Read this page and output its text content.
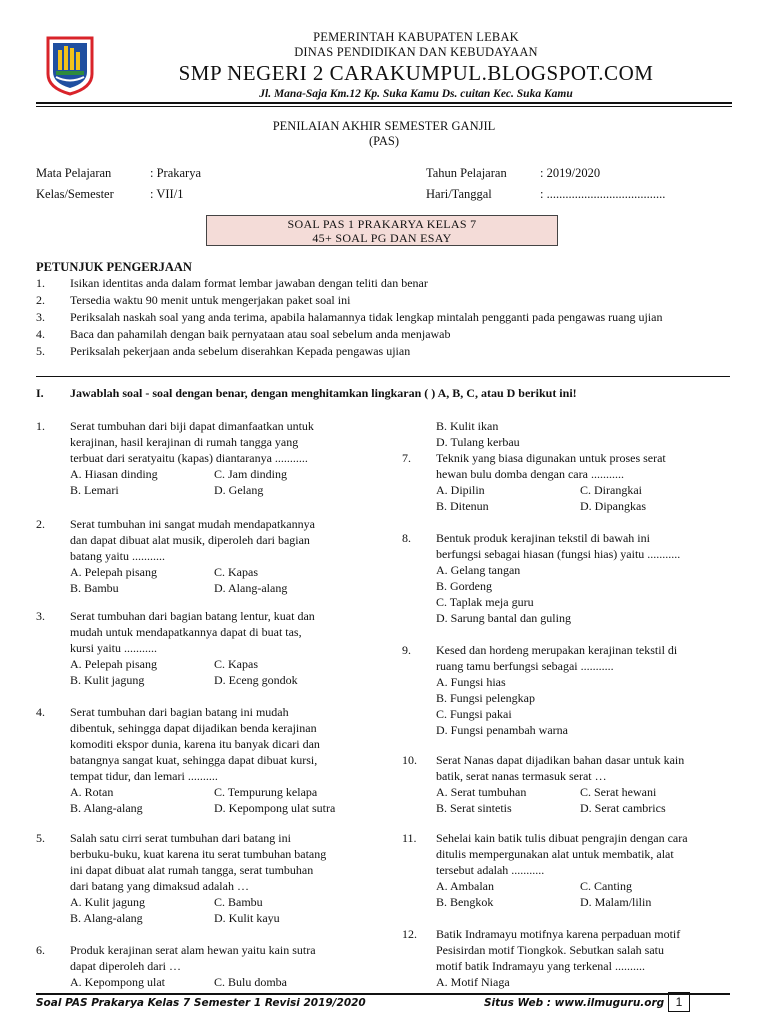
PEMERINTAH KABUPATEN LEBAK
DINAS PENDIDIKAN DAN KEBUDAYAAN
SMP NEGERI 2 CARAKUMPUL.BLOGSPOT.COM
Jl. Mana-Saja Km.12 Kp. Suka Kamu Ds. cuitan Kec. Suka Kamu
PENILAIAN AKHIR SEMESTER GANJIL
(PAS)
Mata Pelajaran	: Prakarya
Kelas/Semester	: VII/1
Tahun Pelajaran	: 2019/2020
Hari/Tanggal	: ......................................
SOAL PAS 1 PRAKARYA KELAS 7
45+ SOAL PG DAN ESAY
PETUNJUK PENGERJAAN
1. Isikan identitas anda dalam format lembar jawaban dengan teliti dan benar
2. Tersedia waktu 90 menit untuk mengerjakan paket soal ini
3. Periksalah naskah soal yang anda terima, apabila halamannya tidak lengkap mintalah pengganti pada pengawas ruang ujian
4. Baca dan pahamilah dengan baik pernyataan atau soal sebelum anda menjawab
5. Periksalah pekerjaan anda sebelum diserahkan Kepada pengawas ujian
I. Jawablah soal - soal dengan benar, dengan menghitamkan lingkaran ( ) A, B, C, atau D berikut ini!
1. Serat tumbuhan dari biji dapat dimanfaatkan untuk
kerajinan, hasil kerajinan di rumah tangga yang
terbuat dari seratyaitu (kapas) diantaranya ...........
A. Hiasan dinding	C. Jam dinding
B. Lemari	D. Gelang
2. Serat tumbuhan ini sangat mudah mendapatkannya
dan dapat dibuat alat musik, diperoleh dari bagian
batang yaitu ...........
A. Pelepah pisang	C. Kapas
B. Bambu	D. Alang-alang
3. Serat tumbuhan dari bagian batang lentur, kuat dan
mudah untuk mendapatkannya dapat di buat tas,
kursi yaitu ...........
A. Pelepah pisang	C. Kapas
B. Kulit jagung	D. Eceng gondok
4. Serat tumbuhan dari bagian batang ini mudah
dibentuk, sehingga dapat dijadikan benda kerajinan
komoditi ekspor dunia, karena itu banyak dicari dan
batangnya sangat kuat, sehingga dapat dibuat kursi,
tempat tidur, dan lemari ..........
A. Rotan	C. Tempurung kelapa
B. Alang-alang	D. Kepompong ulat sutra
5. Salah satu cirri serat tumbuhan dari batang ini
berbuku-buku, kuat karena itu serat tumbuhan batang
ini dapat dibuat alat rumah tangga, serat tumbuhan
dari batang yang dimaksud adalah …
A. Kulit jagung	C. Bambu
B. Alang-alang	D. Kulit kayu
6. Produk kerajinan serat alam hewan yaitu kain sutra
dapat diperoleh dari …
A. Kepompong ulat	C. Bulu domba
B. Kulit ikan
D. Tulang kerbau
7. Teknik yang biasa digunakan untuk proses serat
hewan bulu domba dengan cara ...........
A. Dipilin	C. Dirangkai
B. Ditenun	D. Dipangkas
8. Bentuk produk kerajinan tekstil di bawah ini
berfungsi sebagai hiasan (fungsi hias) yaitu ...........
A. Gelang tangan
B. Gordeng
C. Taplak meja guru
D. Sarung bantal dan guling
9. Kesed dan hordeng merupakan kerajinan tekstil di
ruang tamu berfungsi sebagai ...........
A. Fungsi hias
B. Fungsi pelengkap
C. Fungsi pakai
D. Fungsi penambah warna
10. Serat Nanas dapat dijadikan bahan dasar untuk kain
batik, serat nanas termasuk serat …
A. Serat tumbuhan	C. Serat hewani
B. Serat sintetis	D. Serat cambrics
11. Sehelai kain batik tulis dibuat pengrajin dengan cara
ditulis mempergunakan alat untuk membatik, alat
tersebut adalah ...........
A. Ambalan	C. Canting
B. Bengkok	D. Malam/lilin
12. Batik Indramayu motifnya karena perpaduan motif
Pesisirdan motif Tiongkok. Sebutkan salah satu
motif batik Indramayu yang terkenal ..........
A. Motif Niaga
Soal PAS Prakarya Kelas 7 Semester 1 Revisi 2019/2020	Situs Web : www.ilmuguru.org 1
